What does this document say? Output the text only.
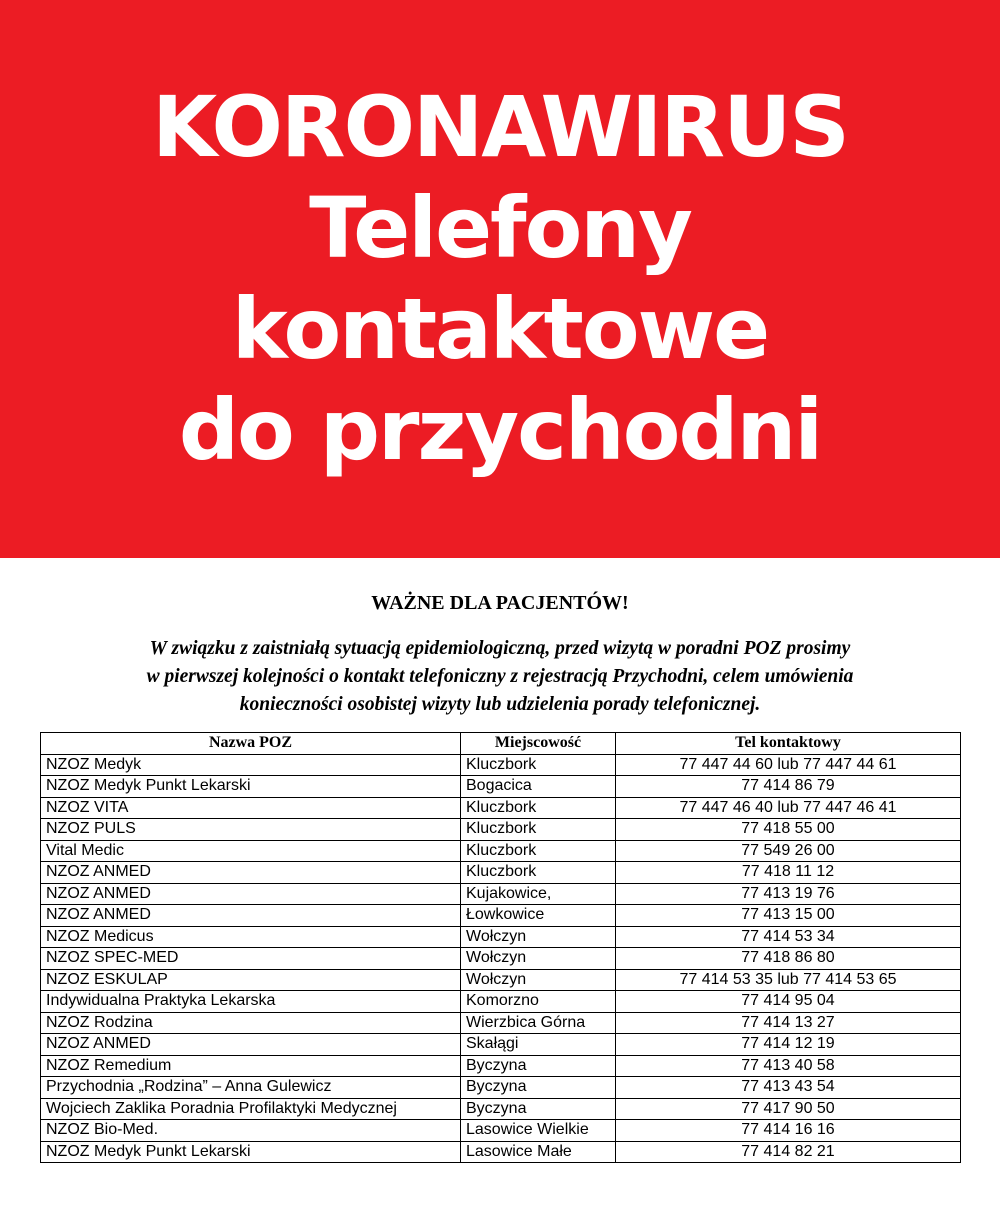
KORONAWIRUS
Telefony
kontaktowe
do przychodni
WAŻNE DLA PACJENTÓW!
W związku z zaistniałą sytuacją epidemiologiczną, przed wizytą w poradni POZ prosimy
w pierwszej kolejności o kontakt telefoniczny z rejestracją Przychodni, celem umówienia
konieczności osobistej wizyty lub udzielenia porady telefonicznej.
Nazwa POZ	Miejscowość	Tel kontaktowy
NZOZ Medyk	Kluczbork	77 447 44 60 lub 77 447 44 61
NZOZ Medyk Punkt Lekarski	Bogacica	77 414 86 79
NZOZ VITA	Kluczbork	77 447 46 40 lub 77 447 46 41
NZOZ PULS	Kluczbork	77 418 55 00
Vital Medic	Kluczbork	77 549 26 00
NZOZ ANMED	Kluczbork	77 418 11 12
NZOZ ANMED	Kujakowice,	77 413 19 76
NZOZ ANMED	Łowkowice	77 413 15 00
NZOZ Medicus	Wołczyn	77 414 53 34
NZOZ SPEC-MED	Wołczyn	77 418 86 80
NZOZ ESKULAP	Wołczyn	77 414 53 35 lub 77 414 53 65
Indywidualna Praktyka Lekarska	Komorzno	77 414 95 04
NZOZ Rodzina	Wierzbica Górna	77 414 13 27
NZOZ ANMED	Skałągi	77 414 12 19
NZOZ Remedium	Byczyna	77 413 40 58
Przychodnia „Rodzina” – Anna Gulewicz	Byczyna	77 413 43 54
Wojciech Zaklika Poradnia Profilaktyki Medycznej	Byczyna	77 417 90 50
NZOZ Bio-Med.	Lasowice Wielkie	77 414 16 16
NZOZ Medyk Punkt Lekarski	Lasowice Małe	77 414 82 21
